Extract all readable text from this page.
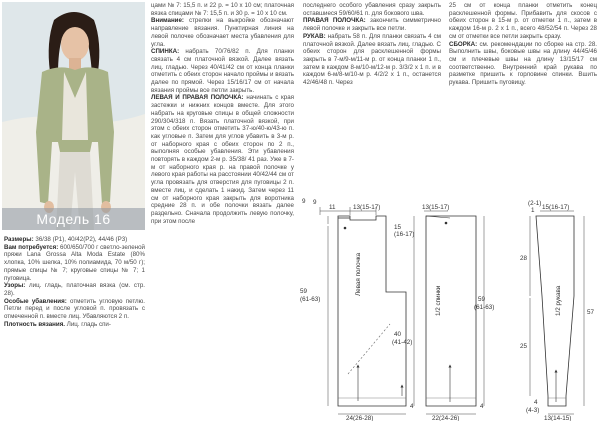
Модель 16

Размеры: 36/38 (Р1), 40/42(Р2), 44/46 (Р3)

Вам потребуется: 600/650/700 г светло-зеленой пряжи Lana Grossa Alta Moda Estate (80% хлопка, 10% шелка, 10% полиамида, 70 м/50 г); прямые спицы № 7; круговые спицы № 7; 1 пуговица.

Узоры: лиц. гладь, платочная вязка (см. стр. 28).

Особые убавления: отметить угловую петлю. Петли перед и после угловой п. провязать с отмеченной п. вместе лиц. Убавляются 2 п.

Плотность вязания. Лиц. гладь спи-

цами № 7: 15,5 п. и 22 р. = 10 х 10 см; платочная вязка спицами № 7: 15,5 п. и 30 р. = 10 х 10 см.

Внимание: стрелки на выкройке обозначают направление вязания. Пунктирная линия на левой полочке обозначает места убавления для угла.

СПИНКА: набрать 70/76/82 п. Для планки связать 4 см платочной вязкой. Далее вязать лиц. гладью. Через 40/41/42 см от конца планки отметить с обеих сторон начало проймы и вязать далее по прямой. Через 15/16/17 см от начала вязания проймы все петли закрыть.

ЛЕВАЯ И ПРАВАЯ ПОЛОЧКА: начинать с края застежки и нижних концов вместе. Для этого набрать на круговые спицы в общей сложности 290/304/318 п. Вязать платочной вязкой, при этом с обеих сторон отметить 37-ю/40-ю/43-ю п. как угловые п. Затем для углов убавить в 3-м р. от наборного края с обеих сторон по 2 п., выполняя особые убавления. Эти убавления повторять в каждом 2-м р. 35/38/ 41 раз. Уже в 7-м от наборного края р. на правой полочке у левого края работы на расстоянии 40/42/44 см от угла провязать для отверстия для пуговицы 2 п. вместе лиц. и сделать 1 накид. Затем через 11 см от наборного края закрыть для воротника средние 28 п. и обе полочки вязать далее раздельно. Сначала продолжить левую полочку, при этом после

последнего особого убавления сразу закрыть оставшиеся 59/60/61 п. для бокового шва.

ПРАВАЯ ПОЛОЧКА: закончить симметрично левой полочке и закрыть все петли.

РУКАВ: набрать 58 п. Для планки связать 4 см платочной вязкой. Далее вязать лиц. гладью. С обеих сторон для расклешенной формы закрыть в 7-м/9-м/11-м р. от конца планки 1 п., затем в каждом 8-м/10-м/12-м р. 3/3/2 х 1 п. и в каждом 6-м/8-м/10-м р. 4/2/2 х 1 п., останется 42/46/48 п. Через

25 см от конца планки отметить конец расклешенной формы. Прибавить для скосов с обеих сторон в 15-м р. от отметки 1 п., затем в каждом 16-м р. 2 х 1 п., всего 48/52/54 п. Через 28 см от отметки все петли закрыть сразу.

СБОРКА: см. рекомендации по сборке на стр. 28. Выполнить швы, боковые швы на длину 44/45/46 см и плечевые швы на длину 13/15/17 см соответственно. Внутренний край рукава по разметке пришить к горловине спинки. Вшить рукава. Пришить пуговицу.

11	13(15-17)
9
59
(61-63)
9
15
(16-17)
40
(41-42)
Левая полочка
4
24(26-28)
13(15-17)
1/2 спинки	59
(61-63)
4
22(24-26)
(2-1)
1 15(16-17)
28
25
1/2 рукава	57
4
(4-3)
13(14-15)
